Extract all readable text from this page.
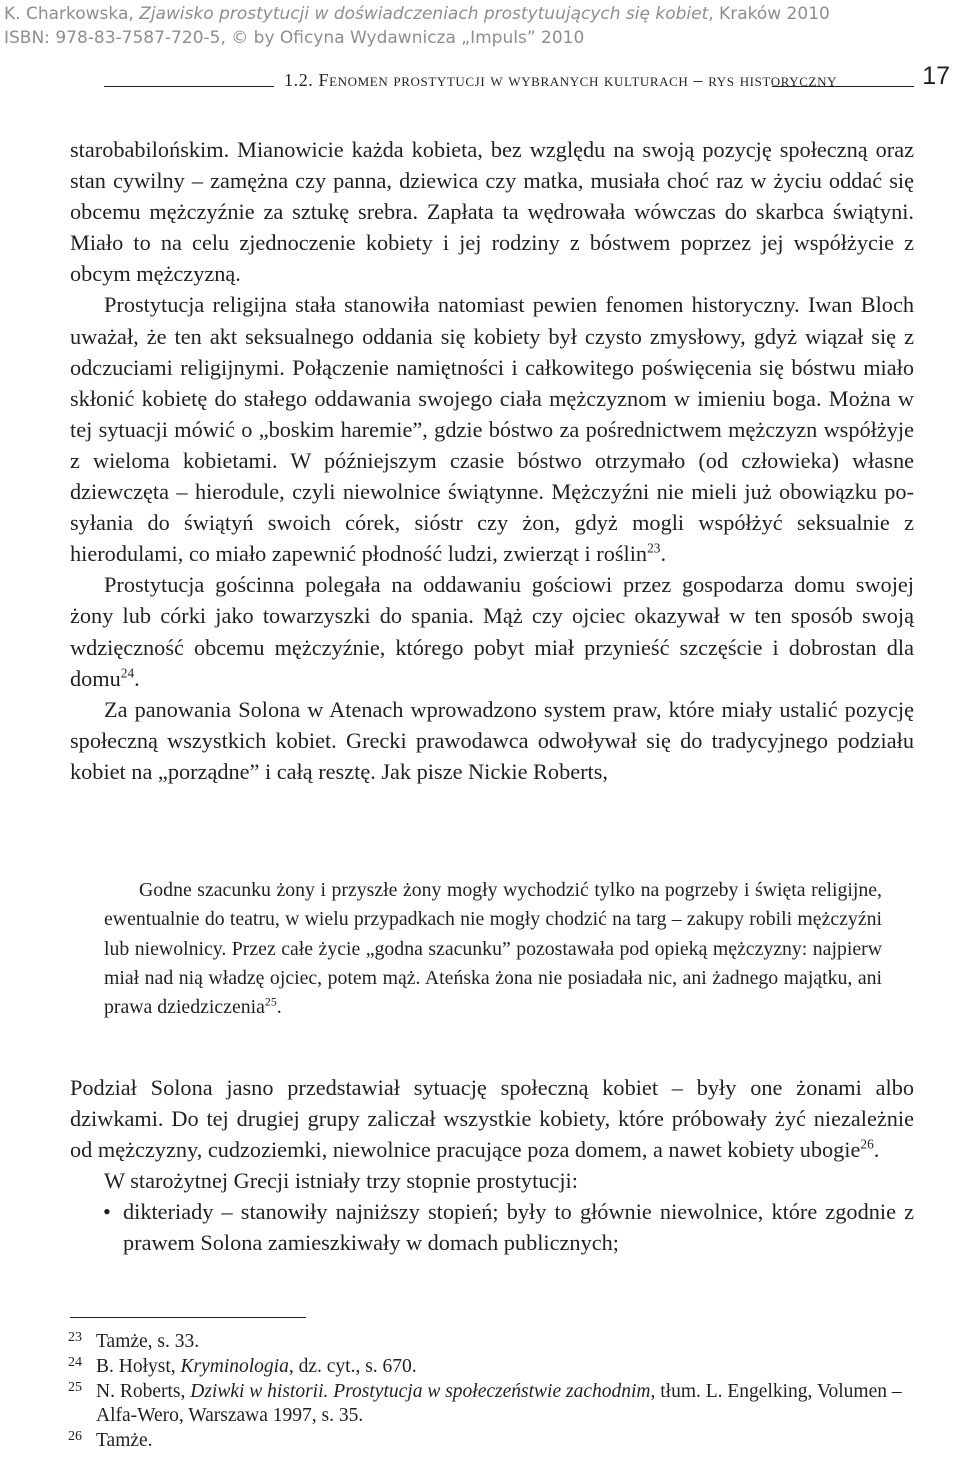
K. Charkowska, Zjawisko prostytucji w doświadczeniach prostytuujących się kobiet, Kraków 2010
ISBN: 978-83-7587-720-5, © by Oficyna Wydawnicza „Impuls” 2010
1.2. Fenomen prostytucji w wybranych kulturach – rys historyczny	17

starobabilońskim. Mianowicie każda kobieta, bez względu na swoją pozycję społeczną oraz stan cywilny – zamężna czy panna, dziewica czy matka, musiała choć raz w życiu oddać się obcemu mężczyźnie za sztukę srebra. Zapłata ta wędrowała wówczas do skarbca świątyni. Miało to na celu zjednoczenie kobiety i jej rodziny z bóstwem poprzez jej współżycie z obcym mężczyzną.

Prostytucja religijna stała stanowiła natomiast pewien fenomen historyczny. Iwan Bloch uważał, że ten akt seksualnego oddania się kobiety był czysto zmysłowy, gdyż wiązał się z odczuciami religijnymi. Połączenie namiętności i całkowitego poświęcenia się bóstwu miało skłonić kobietę do stałego oddawania swojego ciała mężczyznom w imieniu boga. Można w tej sytuacji mówić o „boskim haremie”, gdzie bóstwo za pośrednictwem mężczyzn współżyje z wieloma kobietami. W późniejszym czasie bóstwo otrzymało (od człowieka) własne dziewczęta – hierodule, czyli niewolnice świątynne. Mężczyźni nie mieli już obowiązku posyłania do świątyń swoich córek, sióstr czy żon, gdyż mogli współżyć seksualnie z hierodulami, co miało zapewnić płodność ludzi, zwierząt i roślin$^{23}$.

Prostytucja gościnna polegała na oddawaniu gościowi przez gospodarza domu swojej żony lub córki jako towarzyszki do spania. Mąż czy ojciec okazywał w ten sposób swoją wdzięczność obcemu mężczyźnie, którego pobyt miał przynieść szczęście i dobrostan dla domu$^{24}$.

Za panowania Solona w Atenach wprowadzono system praw, które miały ustalić pozycję społeczną wszystkich kobiet. Grecki prawodawca odwoływał się do tradycyjnego podziału kobiet na „porządne” i całą resztę. Jak pisze Nickie Roberts,

Godne szacunku żony i przyszłe żony mogły wychodzić tylko na pogrzeby i święta religijne, ewentualnie do teatru, w wielu przypadkach nie mogły chodzić na targ – zakupy robili mężczyźni lub niewolnicy. Przez całe życie „godna szacunku” pozostawała pod opieką mężczyzny: najpierw miał nad nią władzę ojciec, potem mąż. Ateńska żona nie posiadała nic, ani żadnego majątku, ani prawa dziedziczenia$^{25}$.

Podział Solona jasno przedstawiał sytuację społeczną kobiet – były one żonami albo dziwkami. Do tej drugiej grupy zaliczał wszystkie kobiety, które próbowały żyć niezależnie od mężczyzny, cudzoziemki, niewolnice pracujące poza domem, a nawet kobiety ubogie$^{26}$.

W starożytnej Grecji istniały trzy stopnie prostytucji:

• dikteriady – stanowiły najniższy stopień; były to głównie niewolnice, które zgodnie z prawem Solona zamieszkiwały w domach publicznych;
23 Tamże, s. 33.
24 B. Hołyst, Kryminologia, dz. cyt., s. 670.
25 N. Roberts, Dziwki w historii. Prostytucja w społeczeństwie zachodnim, tłum. L. Engelking, Volumen – Alfa-Wero, Warszawa 1997, s. 35.
26 Tamże.
